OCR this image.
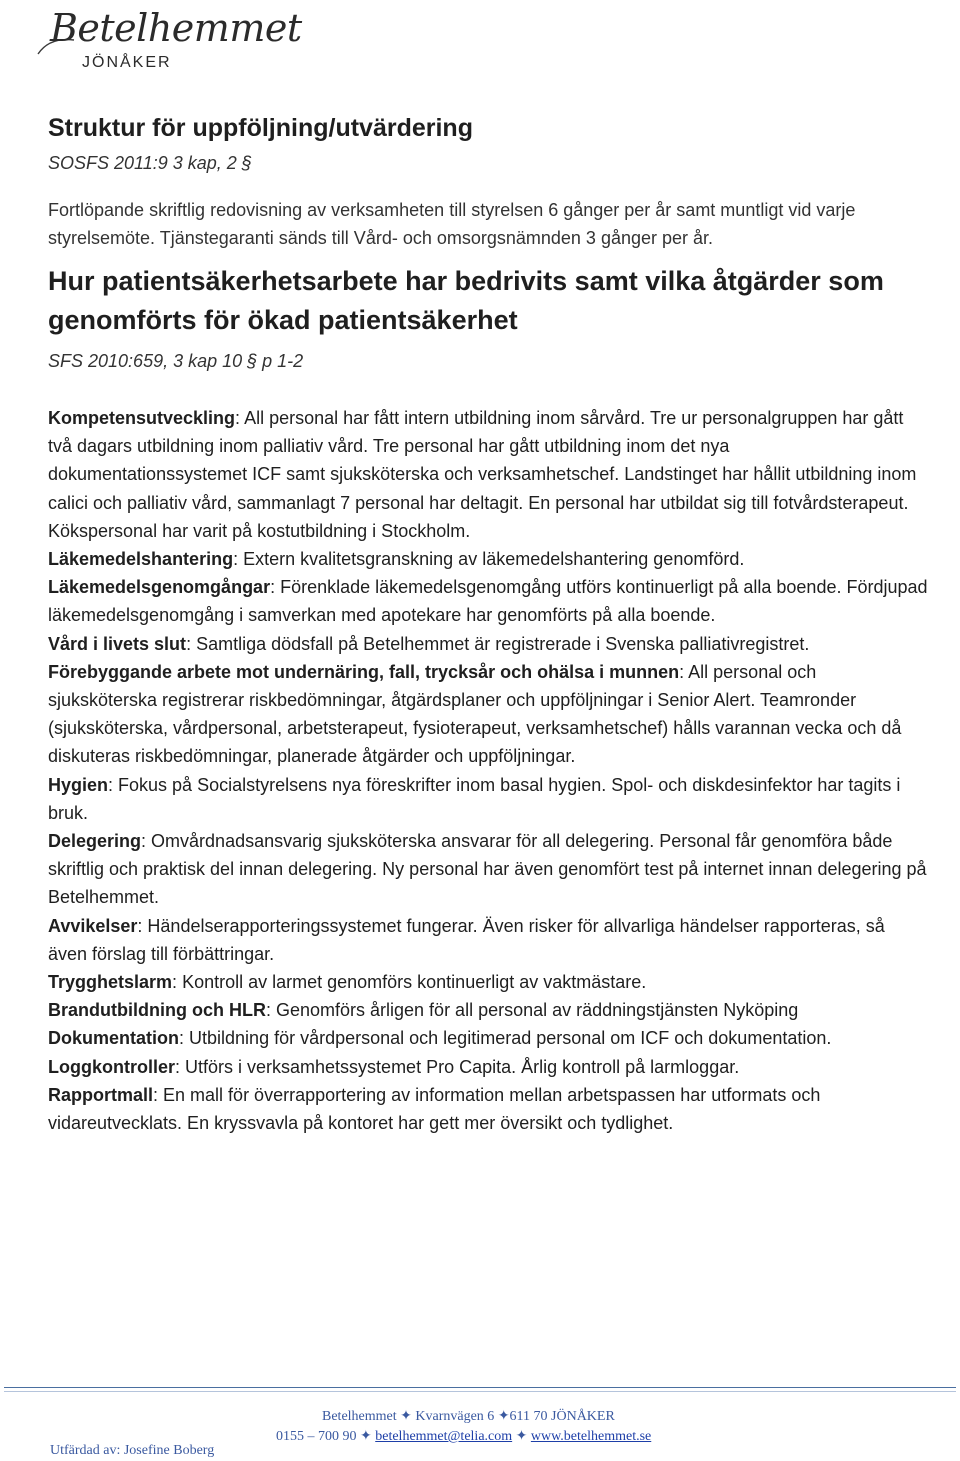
Betelhemmet
JÖNÅKER
Struktur för uppföljning/utvärdering

SOSFS 2011:9 3 kap, 2 §

Fortlöpande skriftlig redovisning av verksamheten till styrelsen 6 gånger per år samt muntligt vid varje styrelsemöte. Tjänstegaranti sänds till Vård- och omsorgsnämnden 3 gånger per år.

Hur patientsäkerhetsarbete har bedrivits samt vilka åtgärder som genomförts för ökad patientsäkerhet

SFS 2010:659, 3 kap 10 § p 1-2

Kompetensutveckling: All personal har fått intern utbildning inom sårvård. Tre ur personalgruppen har gått två dagars utbildning inom palliativ vård. Tre personal har gått utbildning inom det nya dokumentationssystemet ICF samt sjuksköterska och verksamhetschef. Landstinget har hållit utbildning inom calici och palliativ vård, sammanlagt 7 personal har deltagit. En personal har utbildat sig till fotvårdsterapeut. Kökspersonal har varit på kostutbildning i Stockholm.

Läkemedelshantering: Extern kvalitetsgranskning av läkemedelshantering genomförd.

Läkemedelsgenomgångar: Förenklade läkemedelsgenomgång utförs kontinuerligt på alla boende. Fördjupad läkemedelsgenomgång i samverkan med apotekare har genomförts på alla boende.

Vård i livets slut: Samtliga dödsfall på Betelhemmet är registrerade i Svenska palliativregistret.

Förebyggande arbete mot undernäring, fall, trycksår och ohälsa i munnen: All personal och sjuksköterska registrerar riskbedömningar, åtgärdsplaner och uppföljningar i Senior Alert. Teamronder (sjuksköterska, vårdpersonal, arbetsterapeut, fysioterapeut, verksamhetschef) hålls varannan vecka och då diskuteras riskbedömningar, planerade åtgärder och uppföljningar.

Hygien: Fokus på Socialstyrelsens nya föreskrifter inom basal hygien. Spol- och diskdesinfektor har tagits i bruk.

Delegering: Omvårdnadsansvarig sjuksköterska ansvarar för all delegering. Personal får genomföra både skriftlig och praktisk del innan delegering. Ny personal har även genomfört test på internet innan delegering på Betelhemmet.

Avvikelser: Händelserapporteringssystemet fungerar. Även risker för allvarliga händelser rapporteras, så även förslag till förbättringar.

Trygghetslarm: Kontroll av larmet genomförs kontinuerligt av vaktmästare.

Brandutbildning och HLR: Genomförs årligen för all personal av räddningstjänsten Nyköping

Dokumentation: Utbildning för vårdpersonal och legitimerad personal om ICF och dokumentation.

Loggkontroller: Utförs i verksamhetssystemet Pro Capita. Årlig kontroll på larmloggar.

Rapportmall: En mall för överrapportering av information mellan arbetspassen har utformats och vidareutvecklats. En kryssvavla på kontoret har gett mer översikt och tydlighet.

Betelhemmet ✦ Kvarnvägen 6 ✦611 70 JÖNÅKER
0155 – 700 90 ✦ betelhemmet@telia.com ✦ www.betelhemmet.se
Utfärdad av: Josefine Boberg
